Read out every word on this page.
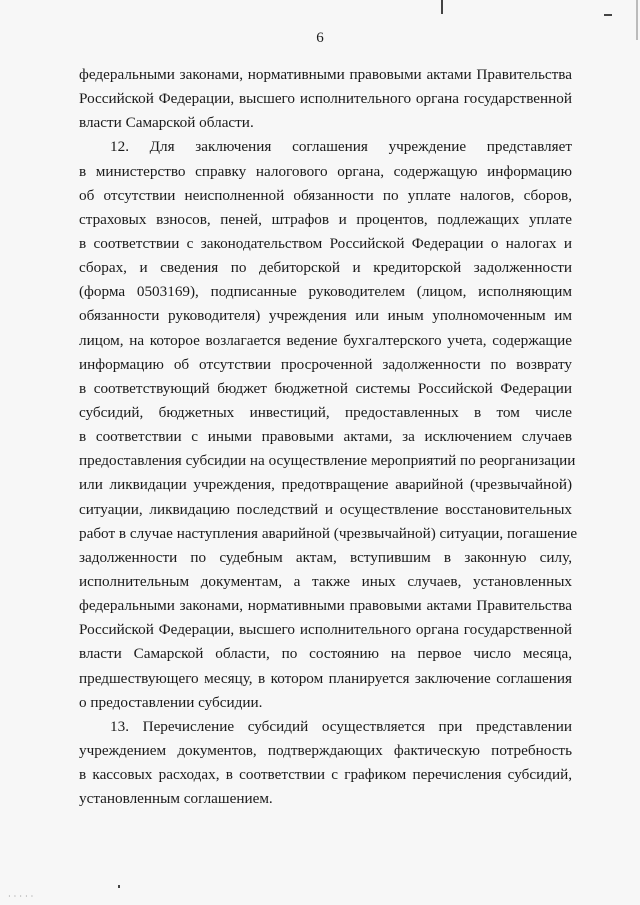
6
федеральными законами, нормативными правовыми актами Правительства
Российской Федерации, высшего исполнительного органа государственной
власти Самарской области.
12. Для заключения соглашения учреждение представляет
в министерство справку налогового органа, содержащую информацию
об отсутствии неисполненной обязанности по уплате налогов, сборов,
страховых взносов, пеней, штрафов и процентов, подлежащих уплате
в соответствии с законодательством Российской Федерации о налогах и
сборах, и сведения по дебиторской и кредиторской задолженности
(форма 0503169), подписанные руководителем (лицом, исполняющим
обязанности руководителя) учреждения или иным уполномоченным им
лицом, на которое возлагается ведение бухгалтерского учета, содержащие
информацию об отсутствии просроченной задолженности по возврату
в соответствующий бюджет бюджетной системы Российской Федерации
субсидий, бюджетных инвестиций, предоставленных в том числе
в соответствии с иными правовыми актами, за исключением случаев
предоставления субсидии на осуществление мероприятий по реорганизации
или ликвидации учреждения, предотвращение аварийной (чрезвычайной)
ситуации, ликвидацию последствий и осуществление восстановительных
работ в случае наступления аварийной (чрезвычайной) ситуации, погашение
задолженности по судебным актам, вступившим в законную силу,
исполнительным документам, а также иных случаев, установленных
федеральными законами, нормативными правовыми актами Правительства
Российской Федерации, высшего исполнительного органа государственной
власти Самарской области, по состоянию на первое число месяца,
предшествующего месяцу, в котором планируется заключение соглашения
о предоставлении субсидии.
13. Перечисление субсидий осуществляется при представлении
учреждением документов, подтверждающих фактическую потребность
в кассовых расходах, в соответствии с графиком перечисления субсидий,
установленным соглашением.
·····
